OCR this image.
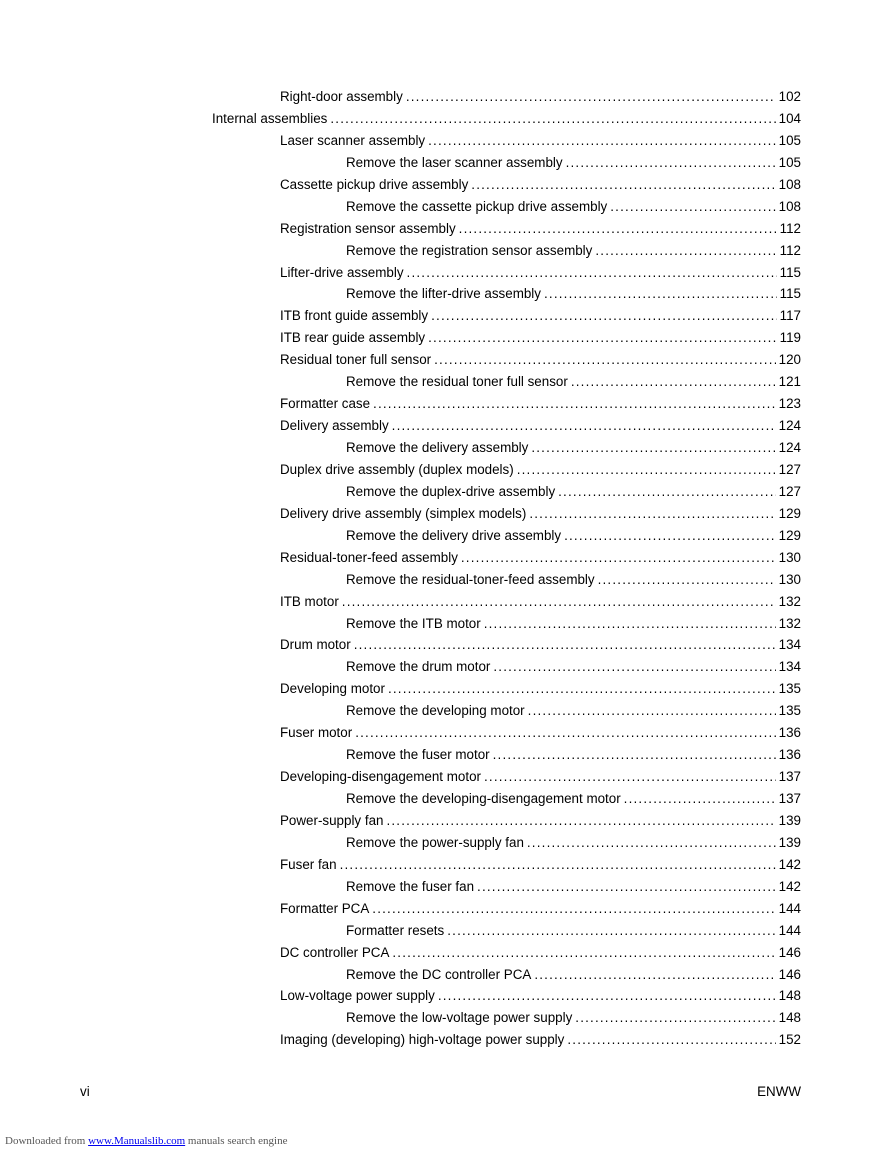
Right-door assembly .....	102
Internal assemblies .....	104
Laser scanner assembly .....	105
Remove the laser scanner assembly .....	105
Cassette pickup drive assembly .....	108
Remove the cassette pickup drive assembly .....	108
Registration sensor assembly .....	112
Remove the registration sensor assembly .....	112
Lifter-drive assembly .....	115
Remove the lifter-drive assembly .....	115
ITB front guide assembly .....	117
ITB rear guide assembly .....	119
Residual toner full sensor .....	120
Remove the residual toner full sensor .....	121
Formatter case .....	123
Delivery assembly .....	124
Remove the delivery assembly .....	124
Duplex drive assembly (duplex models) .....	127
Remove the duplex-drive assembly .....	127
Delivery drive assembly (simplex models) .....	129
Remove the delivery drive assembly .....	129
Residual-toner-feed assembly .....	130
Remove the residual-toner-feed assembly .....	130
ITB motor .....	132
Remove the ITB motor .....	132
Drum motor .....	134
Remove the drum motor .....	134
Developing motor .....	135
Remove the developing motor .....	135
Fuser motor .....	136
Remove the fuser motor .....	136
Developing-disengagement motor .....	137
Remove the developing-disengagement motor .....	137
Power-supply fan .....	139
Remove the power-supply fan .....	139
Fuser fan .....	142
Remove the fuser fan .....	142
Formatter PCA .....	144
Formatter resets .....	144
DC controller PCA .....	146
Remove the DC controller PCA .....	146
Low-voltage power supply .....	148
Remove the low-voltage power supply .....	148
Imaging (developing) high-voltage power supply .....	152
vi	ENWW
Downloaded from www.Manualslib.com manuals search engine
